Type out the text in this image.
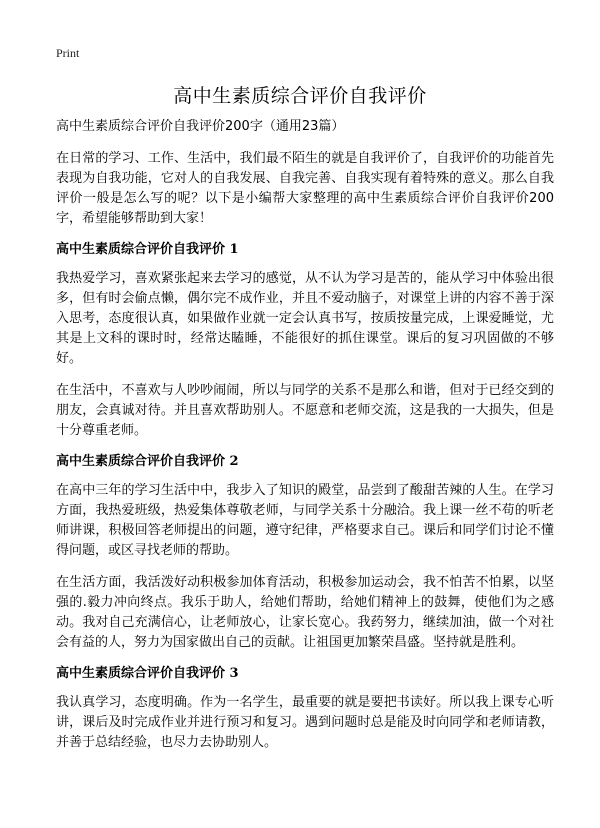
Print
高中生素质综合评价自我评价
高中生素质综合评价自我评价200字（通用23篇）

在日常的学习、工作、生活中，我们最不陌生的就是自我评价了，自我评价的功能首先表现为自我功能，它对人的自我发展、自我完善、自我实现有着特殊的意义。那么自我评价一般是怎么写的呢？以下是小编帮大家整理的高中生素质综合评价自我评价200字，希望能够帮助到大家！

高中生素质综合评价自我评价 1

我热爱学习，喜欢紧张起来去学习的感觉，从不认为学习是苦的，能从学习中体验出很多，但有时会偷点懒，偶尔完不成作业，并且不爱动脑子，对课堂上讲的内容不善于深入思考，态度很认真，如果做作业就一定会认真书写，按质按量完成，上课爱睡觉，尤其是上文科的课时时，经常达瞌睡，不能很好的抓住课堂。课后的复习巩固做的不够好。

在生活中，不喜欢与人吵吵闹闹，所以与同学的关系不是那么和谐，但对于已经交到的朋友，会真诚对待。并且喜欢帮助别人。不愿意和老师交流，这是我的一大损失，但是十分尊重老师。

高中生素质综合评价自我评价 2

在高中三年的学习生活中中，我步入了知识的殿堂，品尝到了酸甜苦辣的人生。在学习方面，我热爱班级，热爱集体尊敬老师，与同学关系十分融洽。我上课一丝不苟的听老师讲课，积极回答老师提出的问题，遵守纪律，严格要求自己。课后和同学们讨论不懂得问题，或区寻找老师的帮助。

在生活方面，我活泼好动积极参加体育活动，积极参加运动会，我不怕苦不怕累，以坚强的.毅力冲向终点。我乐于助人，给她们帮助，给她们精神上的鼓舞，使他们为之感动。我对自己充满信心，让老师放心，让家长宽心。我药努力，继续加油，做一个对社会有益的人，努力为国家做出自己的贡献。让祖国更加繁荣昌盛。坚持就是胜利。

高中生素质综合评价自我评价 3

我认真学习，态度明确。作为一名学生，最重要的就是要把书读好。所以我上课专心听讲，课后及时完成作业并进行预习和复习。遇到问题时总是能及时向同学和老师请教，并善于总结经验，也尽力去协助别人。
